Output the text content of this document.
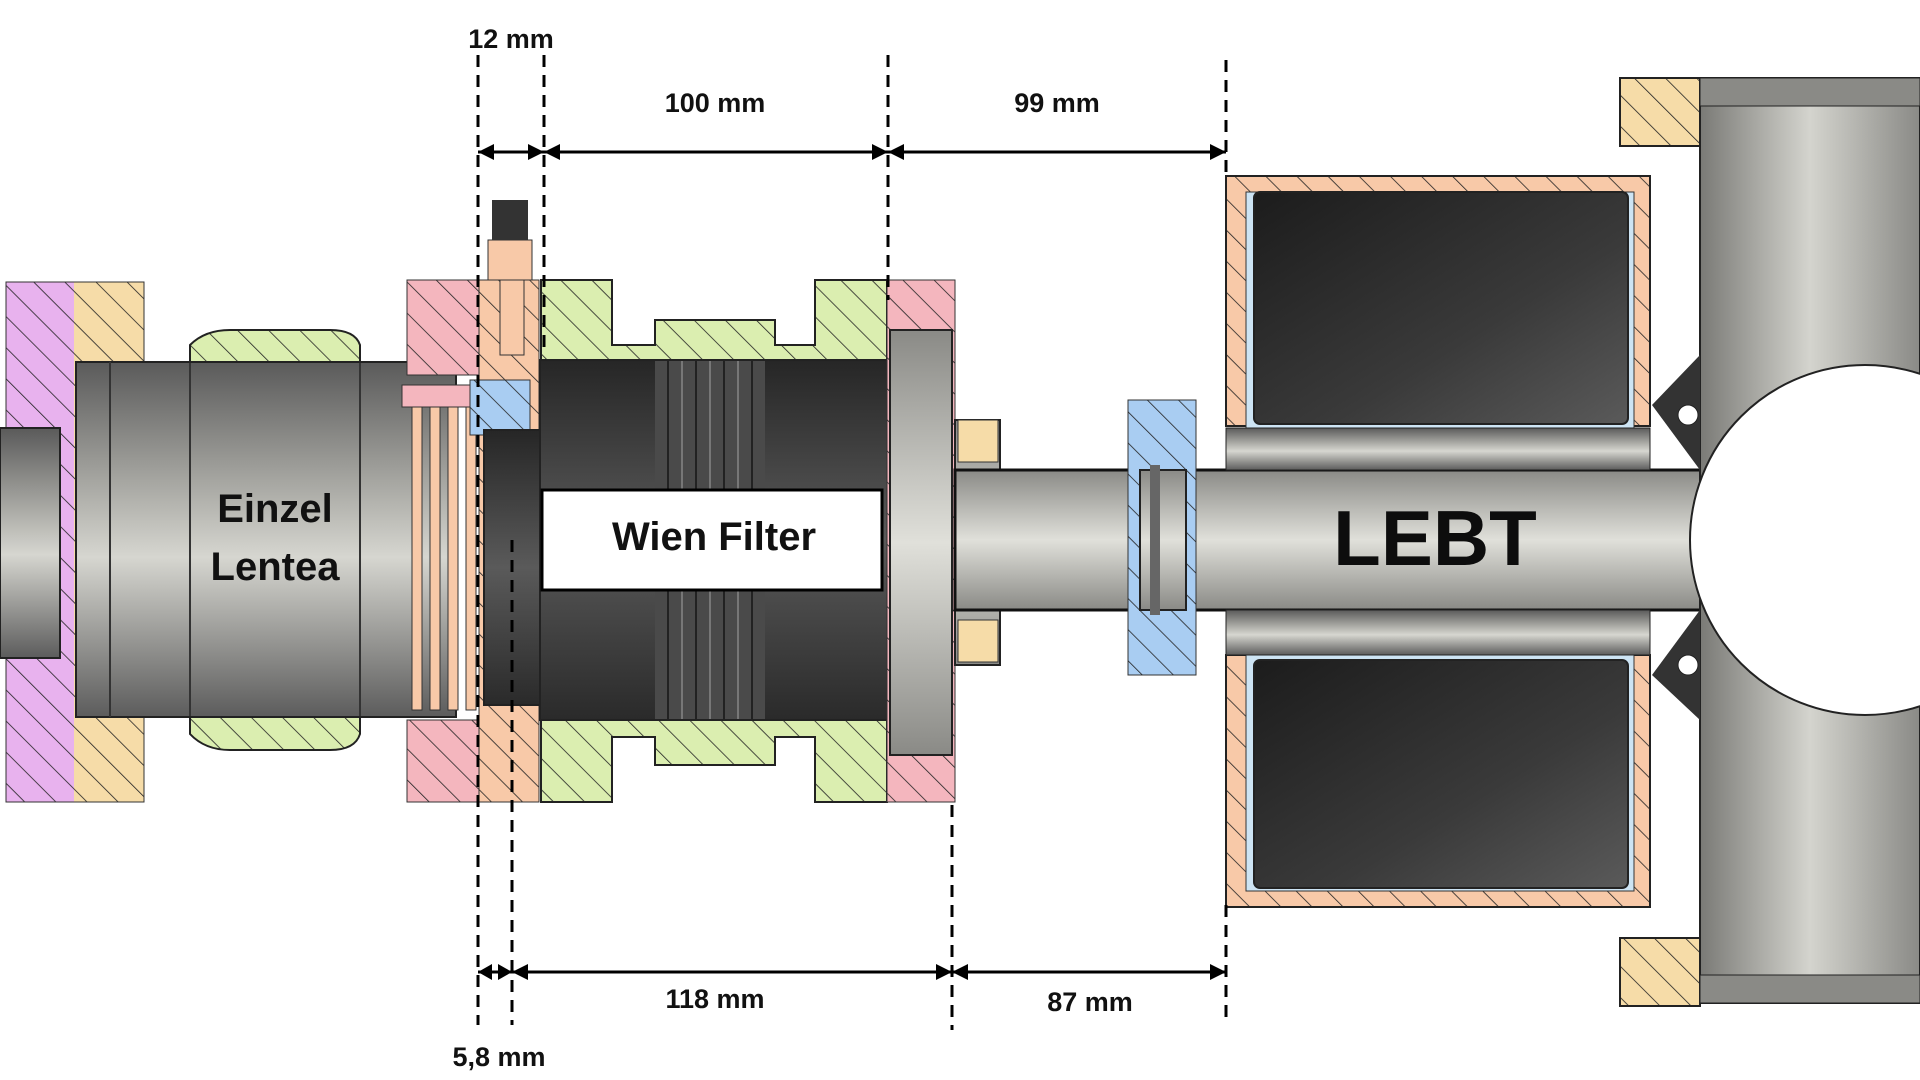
Einzel
Lentea
Wien Filter	LEBT
12 mm
100 mm	99 mm
118 mm	87 mm
5,8 mm
